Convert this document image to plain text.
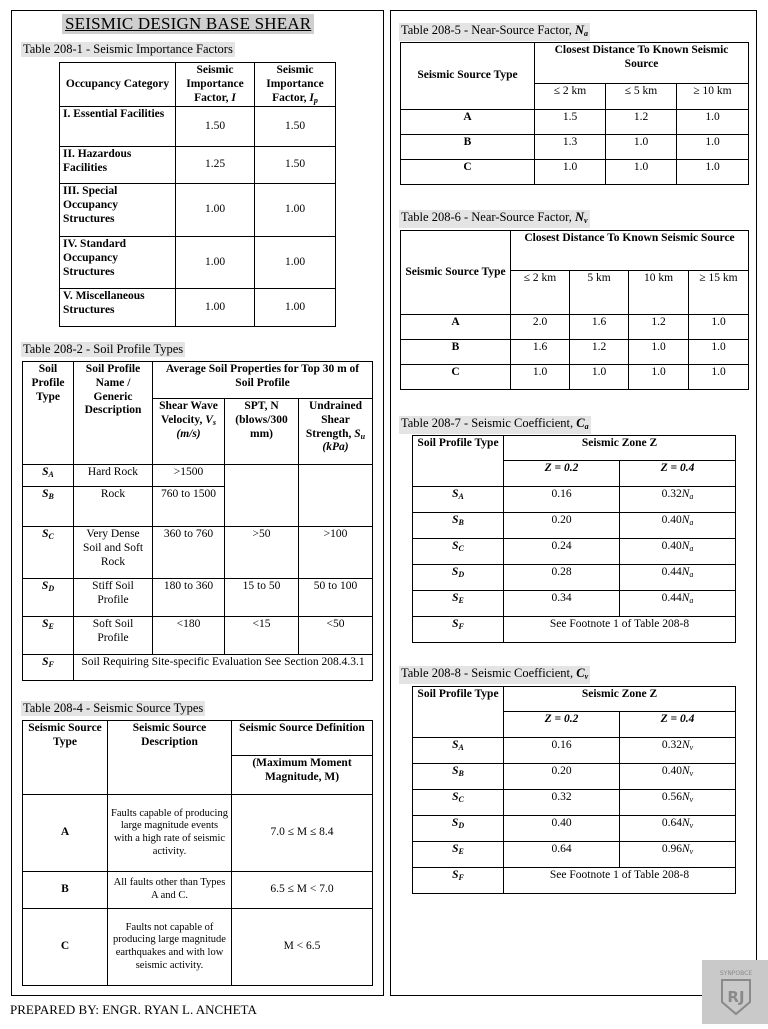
SEISMIC DESIGN BASE SHEAR
Table 208-1 - Seismic Importance Factors
Occupancy Category	Seismic Importance Factor, I	Seismic Importance Factor, $I_p$
I. Essential Facilities	1.50	1.50
II. Hazardous Facilities	1.25	1.50
III. Special Occupancy Structures	1.00	1.00
IV. Standard Occupancy Structures	1.00	1.00
V. Miscellaneous Structures	1.00	1.00
Table 208-2 - Soil Profile Types
Soil Profile Type	Soil Profile Name / Generic Description	Average Soil Properties for Top 30 m of Soil Profile		
		Shear Wave Velocity, $V_s$ (m/s)	SPT, N (blows/300 mm)	Undrained Shear Strength, $S_u$ (kPa)
$S_A$	Hard Rock	>1500		
$S_B$	Rock	760 to 1500		
$S_C$	Very Dense Soil and Soft Rock	360 to 760	>50	>100
$S_D$	Stiff Soil Profile	180 to 360	15 to 50	50 to 100
$S_E$	Soft Soil Profile	<180	<15	<50
$S_F$	Soil Requiring Site-specific Evaluation See Section 208.4.3.1			
Table 208-4 - Seismic Source Types
Seismic Source Type	Seismic Source Description	Seismic Source Definition
		(Maximum Moment Magnitude, M)
A	Faults capable of producing large magnitude events with a high rate of seismic activity.	7.0 ≤ M ≤ 8.4
B	All faults other than Types A and C.	6.5 ≤ M < 7.0
C	Faults not capable of producing large magnitude earthquakes and with low seismic activity.	M < 6.5
PREPARED BY: ENGR. RYAN L. ANCHETA
Table 208-5 - Near-Source Factor, $N_a$
Seismic Source Type	Closest Distance To Known Seismic Source		
	≤ 2 km	≤ 5 km	≥ 10 km
A	1.5	1.2	1.0
B	1.3	1.0	1.0
C	1.0	1.0	1.0
Table 208-6 - Near-Source Factor, $N_v$
Seismic Source Type	Closest Distance To Known Seismic Source			
	≤ 2 km	5 km	10 km	≥ 15 km
A	2.0	1.6	1.2	1.0
B	1.6	1.2	1.0	1.0
C	1.0	1.0	1.0	1.0
Table 208-7 - Seismic Coefficient, $C_a$
Soil Profile Type	Seismic Zone Z	
	Z = 0.2	Z = 0.4
$S_A$	0.16	$0.32N_a$
$S_B$	0.20	$0.40N_a$
$S_C$	0.24	$0.40N_a$
$S_D$	0.28	$0.44N_a$
$S_E$	0.34	$0.44N_a$
$S_F$	See Footnote 1 of Table 208-8	
Table 208-8 - Seismic Coefficient, $C_v$
Soil Profile Type	Seismic Zone Z	
	Z = 0.2	Z = 0.4
$S_A$	0.16	$0.32N_v$
$S_B$	0.20	$0.40N_v$
$S_C$	0.32	$0.56N_v$
$S_D$	0.40	$0.64N_v$
$S_E$	0.64	$0.96N_v$
$S_F$	See Footnote 1 of Table 208-8	
SYNPOBCE
RJ
